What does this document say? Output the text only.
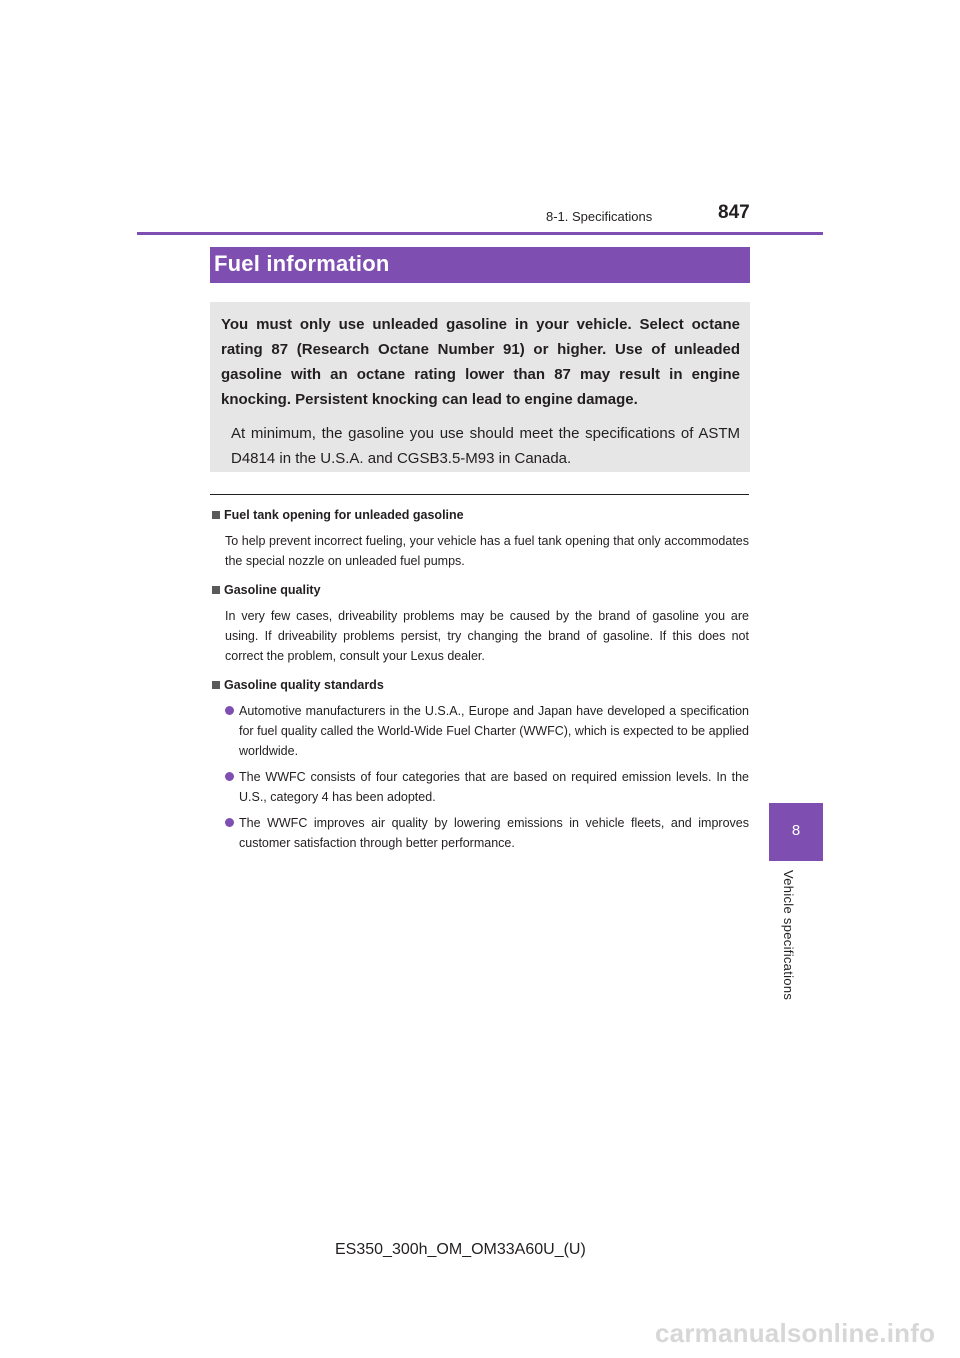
8-1. Specifications	847
Fuel information

You must only use unleaded gasoline in your vehicle. Select octane rating 87 (Research Octane Number 91) or higher. Use of unleaded gasoline with an octane rating lower than 87 may result in engine knocking. Persistent knocking can lead to engine damage.

At minimum, the gasoline you use should meet the specifications of ASTM D4814 in the U.S.A. and CGSB3.5-M93 in Canada.

Fuel tank opening for unleaded gasoline

To help prevent incorrect fueling, your vehicle has a fuel tank opening that only accommodates the special nozzle on unleaded fuel pumps.

Gasoline quality

In very few cases, driveability problems may be caused by the brand of gasoline you are using. If driveability problems persist, try changing the brand of gasoline. If this does not correct the problem, consult your Lexus dealer.

Gasoline quality standards
Automotive manufacturers in the U.S.A., Europe and Japan have developed a specification for fuel quality called the World-Wide Fuel Charter (WWFC), which is expected to be applied worldwide.
The WWFC consists of four categories that are based on required emission levels. In the U.S., category 4 has been adopted.
The WWFC improves air quality by lowering emissions in vehicle fleets, and improves customer satisfaction through better performance.
8
Vehicle specifications
ES350_300h_OM_OM33A60U_(U)
carmanualsonline.info
